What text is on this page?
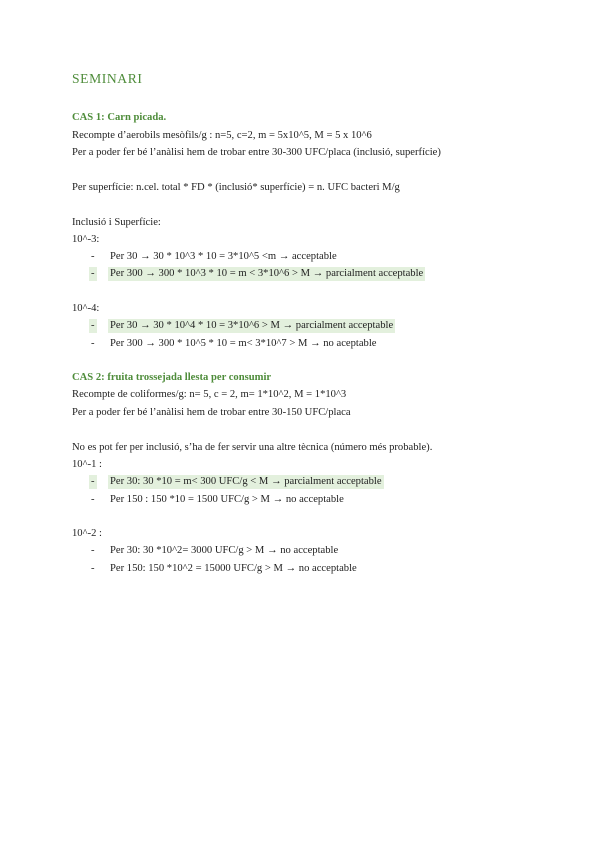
SEMINARI
CAS 1: Carn picada.
Recompte d’aerobils mesòfils/g : n=5, c=2, m = 5x10^5, M = 5 x 10^6
Per a poder fer bé l’anàlisi hem de trobar entre 30-300 UFC/placa (inclusió, superfície)
Per superfície: n.cel. total * FD * (inclusió* superfície) = n. UFC bacteri M/g
Inclusió i Superfície:
10^-3:
- Per 30 → 30 * 10^3 * 10 = 3*10^5 <m → acceptable
- Per 300 → 300 * 10^3 * 10 = m < 3*10^6 > M → parcialment acceptable
10^-4:
- Per 30 → 30 * 10^4 * 10 = 3*10^6 > M → parcialment acceptable
- Per 300 → 300 * 10^5 * 10 = m< 3*10^7 > M → no aceptable
CAS 2: fruita trossejada llesta per consumir
Recompte de coliformes/g: n= 5, c = 2, m= 1*10^2, M = 1*10^3
Per a poder fer bé l’anàlisi hem de trobar entre 30-150 UFC/placa
No es pot fer per inclusió, s’ha de fer servir una altre tècnica (número més probable).
10^-1 :
- Per 30: 30 *10 = m< 300 UFC/g < M → parcialment acceptable
- Per 150 : 150 *10 = 1500 UFC/g > M → no acceptable
10^-2 :
- Per 30: 30 *10^2= 3000 UFC/g > M → no acceptable
- Per 150: 150 *10^2 = 15000 UFC/g > M → no acceptable
